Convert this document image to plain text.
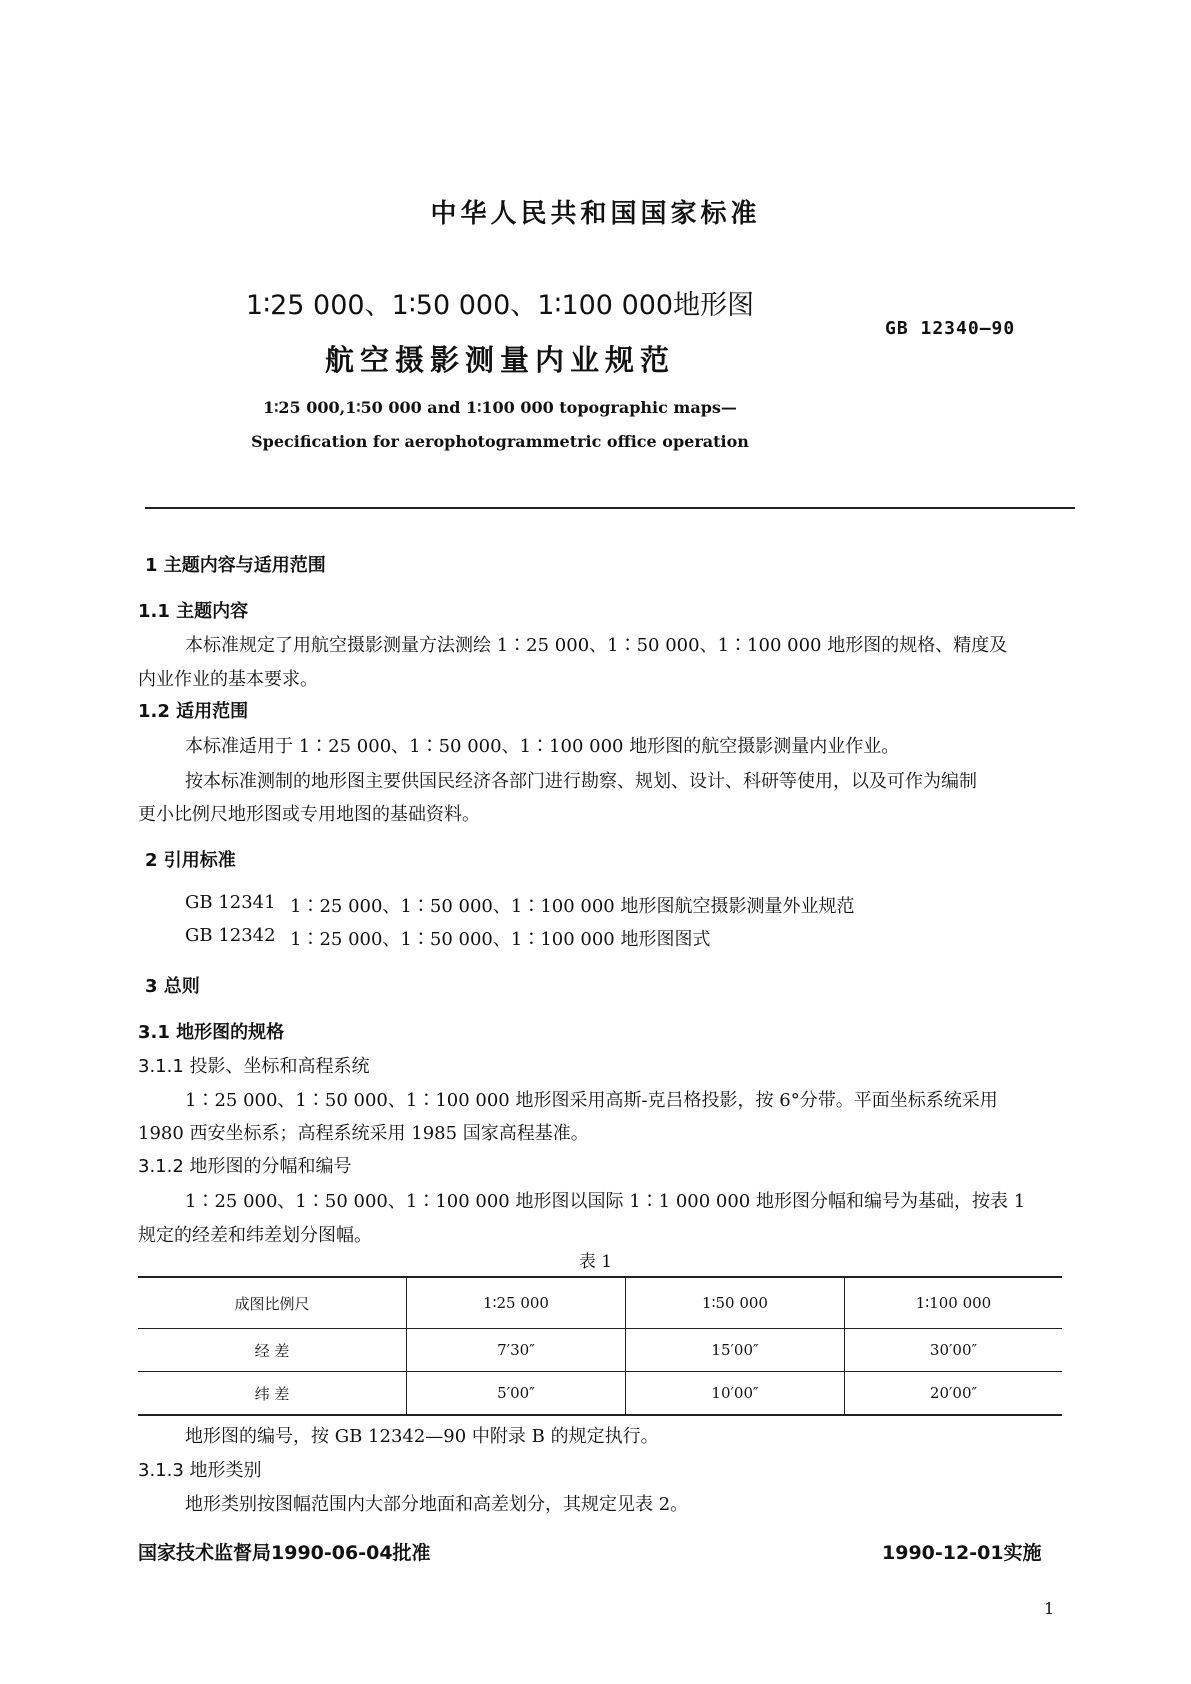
中华人民共和国国家标准
1∶25 000、1∶50 000、1∶100 000地形图
航空摄影测量内业规范
GB 12340—90
1∶25 000,1∶50 000 and 1∶100 000 topographic maps—
Specification for aerophotogrammetric office operation
1 主题内容与适用范围
1.1 主题内容
本标准规定了用航空摄影测量方法测绘 1∶25 000、1∶50 000、1∶100 000 地形图的规格、精度及
内业作业的基本要求。
1.2 适用范围
本标准适用于 1∶25 000、1∶50 000、1∶100 000 地形图的航空摄影测量内业作业。
按本标准测制的地形图主要供国民经济各部门进行勘察、规划、设计、科研等使用，以及可作为编制
更小比例尺地形图或专用地图的基础资料。
2 引用标准
GB 12341 1∶25 000、1∶50 000、1∶100 000 地形图航空摄影测量外业规范
GB 12342 1∶25 000、1∶50 000、1∶100 000 地形图图式
3 总则
3.1 地形图的规格
3.1.1 投影、坐标和高程系统
1∶25 000、1∶50 000、1∶100 000 地形图采用高斯-克吕格投影，按 6°分带。平面坐标系统采用
1980 西安坐标系；高程系统采用 1985 国家高程基准。
3.1.2 地形图的分幅和编号
1∶25 000、1∶50 000、1∶100 000 地形图以国际 1∶1 000 000 地形图分幅和编号为基础，按表 1
规定的经差和纬差划分图幅。
表 1
成图比例尺	1∶25 000	1∶50 000	1∶100 000
经 差	7′30″	15′00″	30′00″
纬 差	5′00″	10′00″	20′00″
地形图的编号，按 GB 12342—90 中附录 B 的规定执行。
3.1.3 地形类别
地形类别按图幅范围内大部分地面和高差划分，其规定见表 2。
国家技术监督局1990-06-04批准	1990-12-01实施
1
